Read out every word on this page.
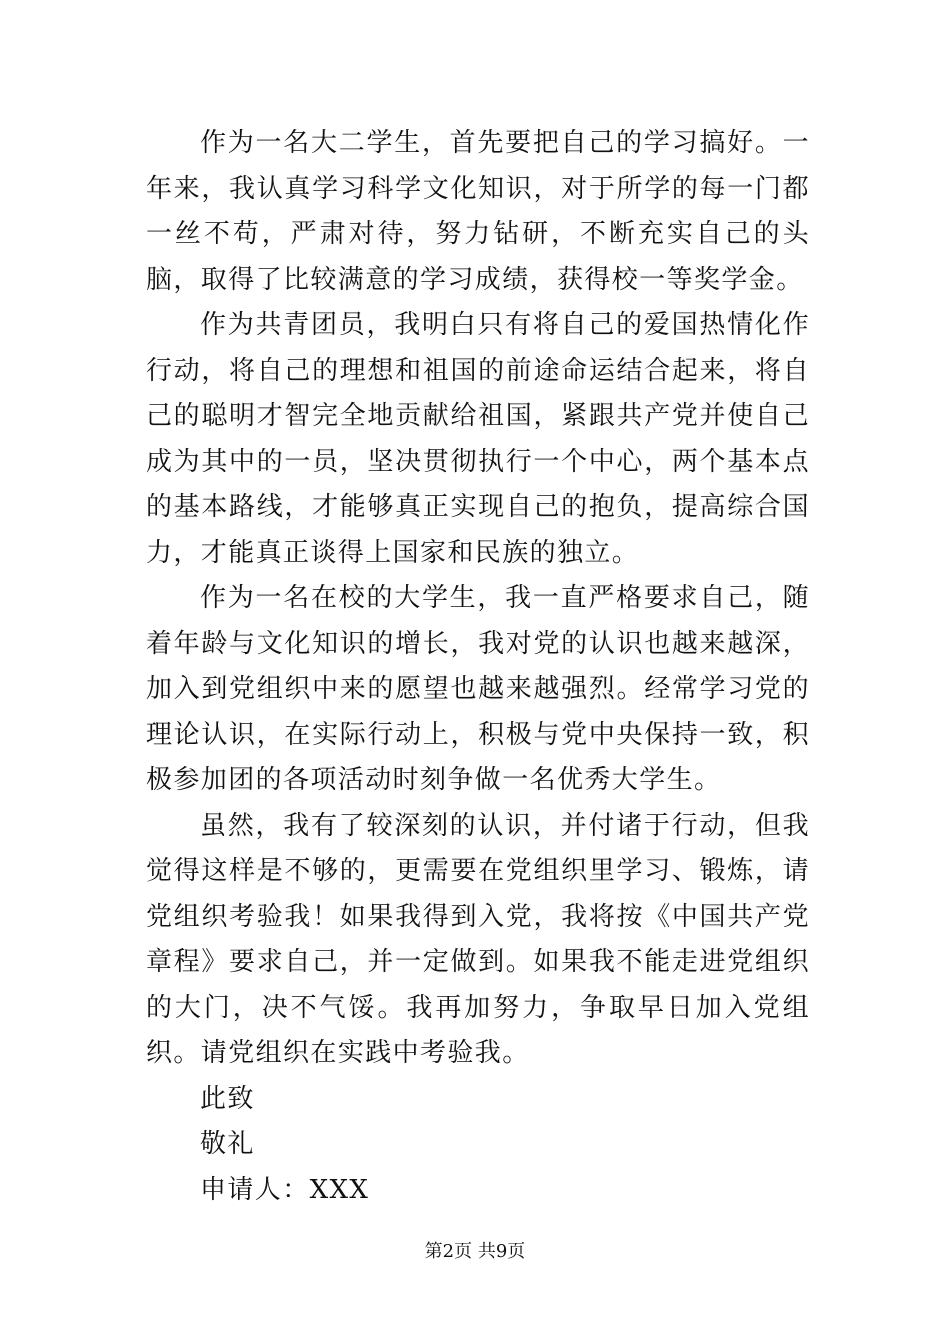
作为一名大二学生，首先要把自己的学习搞好。一年来，我认真学习科学文化知识，对于所学的每一门都一丝不苟，严肃对待，努力钻研，不断充实自己的头脑，取得了比较满意的学习成绩，获得校一等奖学金。

作为共青团员，我明白只有将自己的爱国热情化作行动，将自己的理想和祖国的前途命运结合起来，将自己的聪明才智完全地贡献给祖国，紧跟共产党并使自己成为其中的一员，坚决贯彻执行一个中心，两个基本点的基本路线，才能够真正实现自己的抱负，提高综合国力，才能真正谈得上国家和民族的独立。

作为一名在校的大学生，我一直严格要求自己，随着年龄与文化知识的增长，我对党的认识也越来越深，加入到党组织中来的愿望也越来越强烈。经常学习党的理论认识，在实际行动上，积极与党中央保持一致，积极参加团的各项活动时刻争做一名优秀大学生。

虽然，我有了较深刻的认识，并付诸于行动，但我觉得这样是不够的，更需要在党组织里学习、锻炼，请党组织考验我！如果我得到入党，我将按《中国共产党章程》要求自己，并一定做到。如果我不能走进党组织的大门，决不气馁。我再加努力，争取早日加入党组织。请党组织在实践中考验我。

此致

敬礼

申请人：XXX

第2页 共9页
